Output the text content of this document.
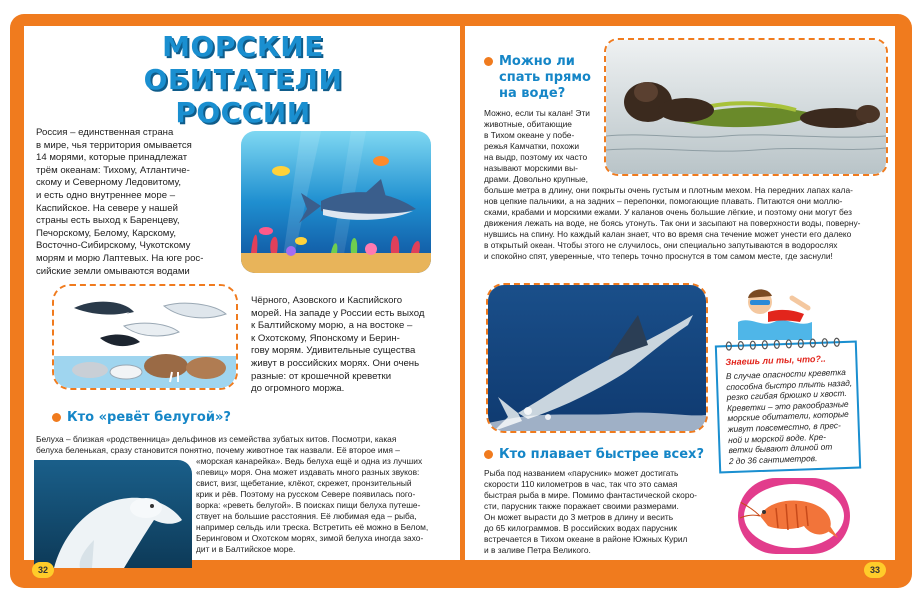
МОРСКИЕ ОБИТАТЕЛИ
РОССИИ
Россия – единственная страна
в мире, чья территория омывается
14 морями, которые принадлежат
трём океанам: Тихому, Атлантиче-
скому и Северному Ледовитому,
и есть одно внутреннее море –
Каспийское. На севере у нашей
страны есть выход к Баренцеву,
Печорскому, Белому, Карскому,
Восточно-Сибирскому, Чукотскому
морям и морю Лаптевых. На юге рос-
сийские земли омываются водами
Чёрного, Азовского и Каспийского
морей. На западе у России есть выход
к Балтийскому морю, а на востоке –
к Охотскому, Японскому и Берин-
гову морям. Удивительные существа
живут в российских морях. Они очень
разные: от крошечной креветки
до огромного моржа.
Кто «ревёт белугой»?
Белуха – близкая «родственница» дельфинов из семейства зубатых китов. Посмотри, какая
белуха беленькая, сразу становится понятно, почему животное так назвали. Её второе имя –
«морская канарейка». Ведь белуха ещё и одна из лучших
«певиц» моря. Она может издавать много разных звуков:
свист, визг, щебетание, клёкот, скрежет, пронзительный
крик и рёв. Поэтому на русском Севере появилась пого-
ворка: «реветь белугой». В поисках пищи белуха путеше-
ствует на большие расстояния. Её любимая еда – рыба,
например сельдь или треска. Встретить её можно в Белом,
Беринговом и Охотском морях, зимой белуха иногда захо-
дит и в Балтийское море.
32
Можно ли
спать прямо
на воде?
Можно, если ты калан! Эти
животные, обитающие
в Тихом океане у побе-
режья Камчатки, похожи
на выдр, поэтому их часто
называют морскими вы-
драми. Довольно крупные,
больше метра в длину, они покрыты очень густым и плотным мехом. На передних лапах кала-
нов цепкие пальчики, а на задних – перепонки, помогающие плавать. Питаются они моллю-
сками, крабами и морскими ежами. У каланов очень большие лёгкие, и поэтому они могут без
движения лежать на воде, не боясь утонуть. Так они и засыпают на поверхности воды, поверну-
нувшись на спину. Но каждый калан знает, что во время сна течение может унести его далеко
в открытый океан. Чтобы этого не случилось, они специально запутываются в водорослях
и спокойно спят, уверенные, что теперь точно проснутся в том самом месте, где заснули!
Кто плавает быстрее всех?
Рыба под названием «парусник» может достигать
скорости 110 километров в час, так что это самая
быстрая рыба в мире. Помимо фантастической скоро-
сти, парусник также поражает своими размерами.
Он может вырасти до 3 метров в длину и весить
до 65 килограммов. В российских водах парусник
встречается в Тихом океане в районе Южных Курил
и в заливе Петра Великого.
Знаешь ли ты, что?..
В случае опасности креветка
способна быстро плыть назад,
резко сгибая брюшко и хвост.
Креветки – это ракообразные
морские обитатели, которые
живут повсеместно, в прес-
ной и морской воде. Кре-
ветки бывают длиной от
2 до 36 сантиметров.
33
